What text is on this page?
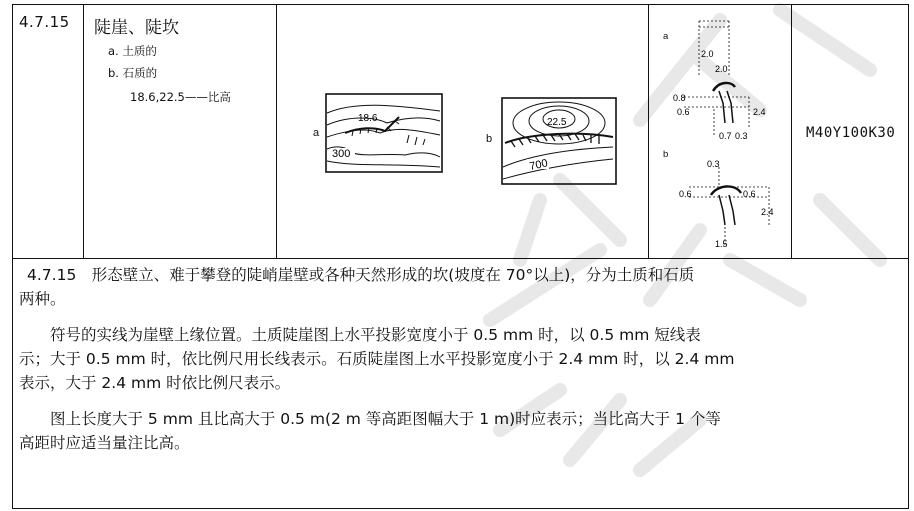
4.7.15 陡崖、陡坎
a. 土质的
b. 石质的
18.6,22.5——比高
a
18.6
300
b
22.5
700
a
2.0
2.0
0.8
0.6	2.4
0.7 0.3
b
0.3
0.6	0.6
2.4
1.5
M40Y100K30
4.7.15　形态壁立、难于攀登的陡峭崖壁或各种天然形成的坎(坡度在 70°以上)，分为土质和石质
两种。
　　符号的实线为崖壁上缘位置。土质陡崖图上水平投影宽度小于 0.5 mm 时，以 0.5 mm 短线表
示；大于 0.5 mm 时，依比例尺用长线表示。石质陡崖图上水平投影宽度小于 2.4 mm 时，以 2.4 mm
表示，大于 2.4 mm 时依比例尺表示。
　　图上长度大于 5 mm 且比高大于 0.5 m(2 m 等高距图幅大于 1 m)时应表示；当比高大于 1 个等
高距时应适当量注比高。
